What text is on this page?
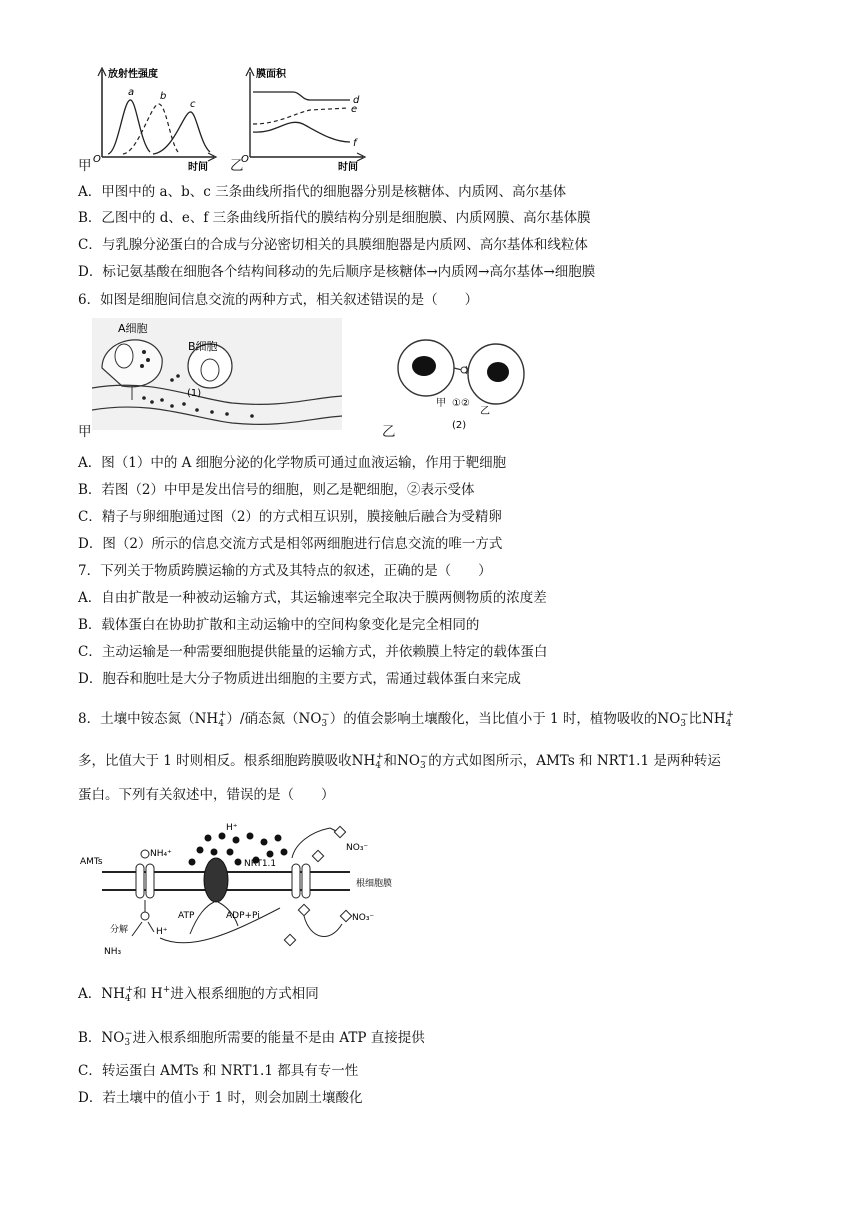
放射性强度
时间
O
a	b
c
膜面积
时间
O
d
e
f
甲	乙
A．甲图中的 a、b、c 三条曲线所指代的细胞器分别是核糖体、内质网、高尔基体
B．乙图中的 d、e、f 三条曲线所指代的膜结构分别是细胞膜、内质网膜、高尔基体膜
C．与乳腺分泌蛋白的合成与分泌密切相关的具膜细胞器是内质网、高尔基体和线粒体
D．标记氨基酸在细胞各个结构间移动的先后顺序是核糖体→内质网→高尔基体→细胞膜
6．如图是细胞间信息交流的两种方式，相关叙述错误的是（　　）
A细胞
B细胞
(1)
甲
甲 ①②
乙
(2)
乙
A．图（1）中的 A 细胞分泌的化学物质可通过血液运输，作用于靶细胞
B．若图（2）中甲是发出信号的细胞，则乙是靶细胞，②表示受体
C．精子与卵细胞通过图（2）的方式相互识别，膜接触后融合为受精卵
D．图（2）所示的信息交流方式是相邻两细胞进行信息交流的唯一方式
7．下列关于物质跨膜运输的方式及其特点的叙述，正确的是（　　）
A．自由扩散是一种被动运输方式，其运输速率完全取决于膜两侧物质的浓度差
B．载体蛋白在协助扩散和主动运输中的空间构象变化是完全相同的
C．主动运输是一种需要细胞提供能量的运输方式，并依赖膜上特定的载体蛋白
D．胞吞和胞吐是大分子物质进出细胞的主要方式，需通过载体蛋白来完成
8．土壤中铵态氮$(NH_4^+)/$硝态氮$(NO_3^-)$的值会影响土壤酸化，当比值小于 1 时，植物吸收的$NO_3^-$比$NH_4^+$
多，比值大于 1 时则相反。根系细胞跨膜吸收$NH_4^+$和$NO_3^-$的方式如图所示，AMTs 和 NRT1.1 是两种转运
蛋白。下列有关叙述中，错误的是（　　）
AMTs
NH₄⁺
H⁺
NRT1.1
NO₃⁻
根细胞膜
ATP	ADP+Pi
分解
NH₃
H⁺
NO₃⁻
A．$NH_4^+$和 H+进入根系细胞的方式相同
B．$NO_3^-$进入根系细胞所需要的能量不是由 ATP 直接提供
C．转运蛋白 AMTs 和 NRT1.1 都具有专一性
D．若土壤中的值小于 1 时，则会加剧土壤酸化
